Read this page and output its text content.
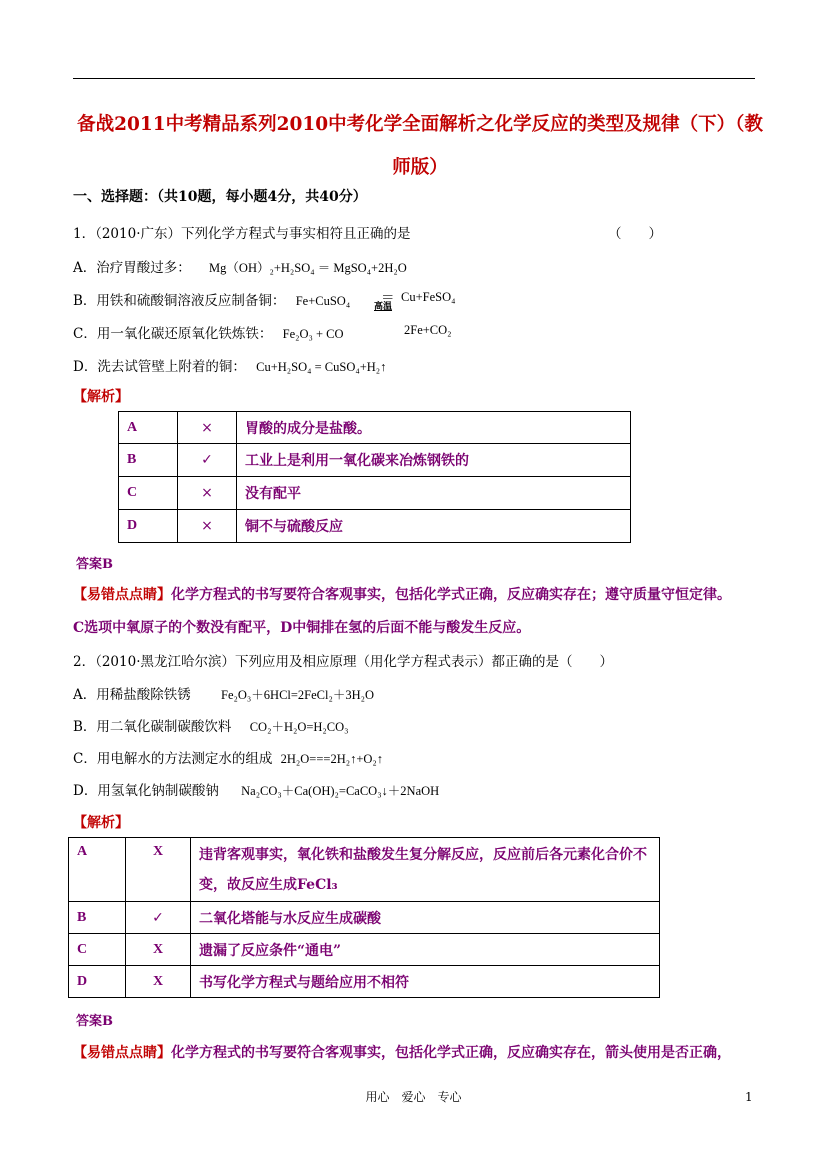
备战2011中考精品系列2010中考化学全面解析之化学反应的类型及规律（下）（教
师版）
一、选择题：（共10题，每小题4分，共40分）
1．（2010·广东）下列化学方程式与事实相符且正确的是	（　　）
A．治疗胃酸过多： Mg（OH）₂+H₂SO₄ ＝ MgSO₄+2H₂O
B．用铁和硫酸铜溶液反应制备铜： Fe+CuSO₄ ＝
高温
Cu+FeSO₄
C．用一氧化碳还原氧化铁炼铁： Fe₂O₃ + CO	2Fe+CO₂
D．洗去试管壁上附着的铜： Cu+H₂SO₄ = CuSO₄+H₂↑
【解析】
A	×	胃酸的成分是盐酸。
B	✓	工业上是利用一氧化碳来冶炼钢铁的
C	×	没有配平
D	×	铜不与硫酸反应
答案B
【易错点点睛】化学方程式的书写要符合客观事实，包括化学式正确，反应确实存在；遵守质量守恒定律。
C选项中氧原子的个数没有配平，D中铜排在氢的后面不能与酸发生反应。
2．（2010·黑龙江哈尔滨）下列应用及相应原理（用化学方程式表示）都正确的是（　　）
A．用稀盐酸除铁锈 Fe₂O₃＋6HCl=2FeCl₂＋3H₂O
B．用二氧化碳制碳酸饮料 CO₂＋H₂O=H₂CO₃
C．用电解水的方法测定水的组成 2H₂O===2H₂↑+O₂↑
D．用氢氧化钠制碳酸钠 Na₂CO₃＋Ca(OH)₂=CaCO₃↓＋2NaOH
【解析】
A	X	违背客观事实，氧化铁和盐酸发生复分解反应，反应前后各元素化合价不变，故反应生成FeCl₃
B	✓	二氧化塔能与水反应生成碳酸
C	X	遗漏了反应条件“通电”
D	X	书写化学方程式与题给应用不相符
答案B
【易错点点睛】化学方程式的书写要符合客观事实，包括化学式正确，反应确实存在，箭头使用是否正确，
用心　爱心　专心	1
